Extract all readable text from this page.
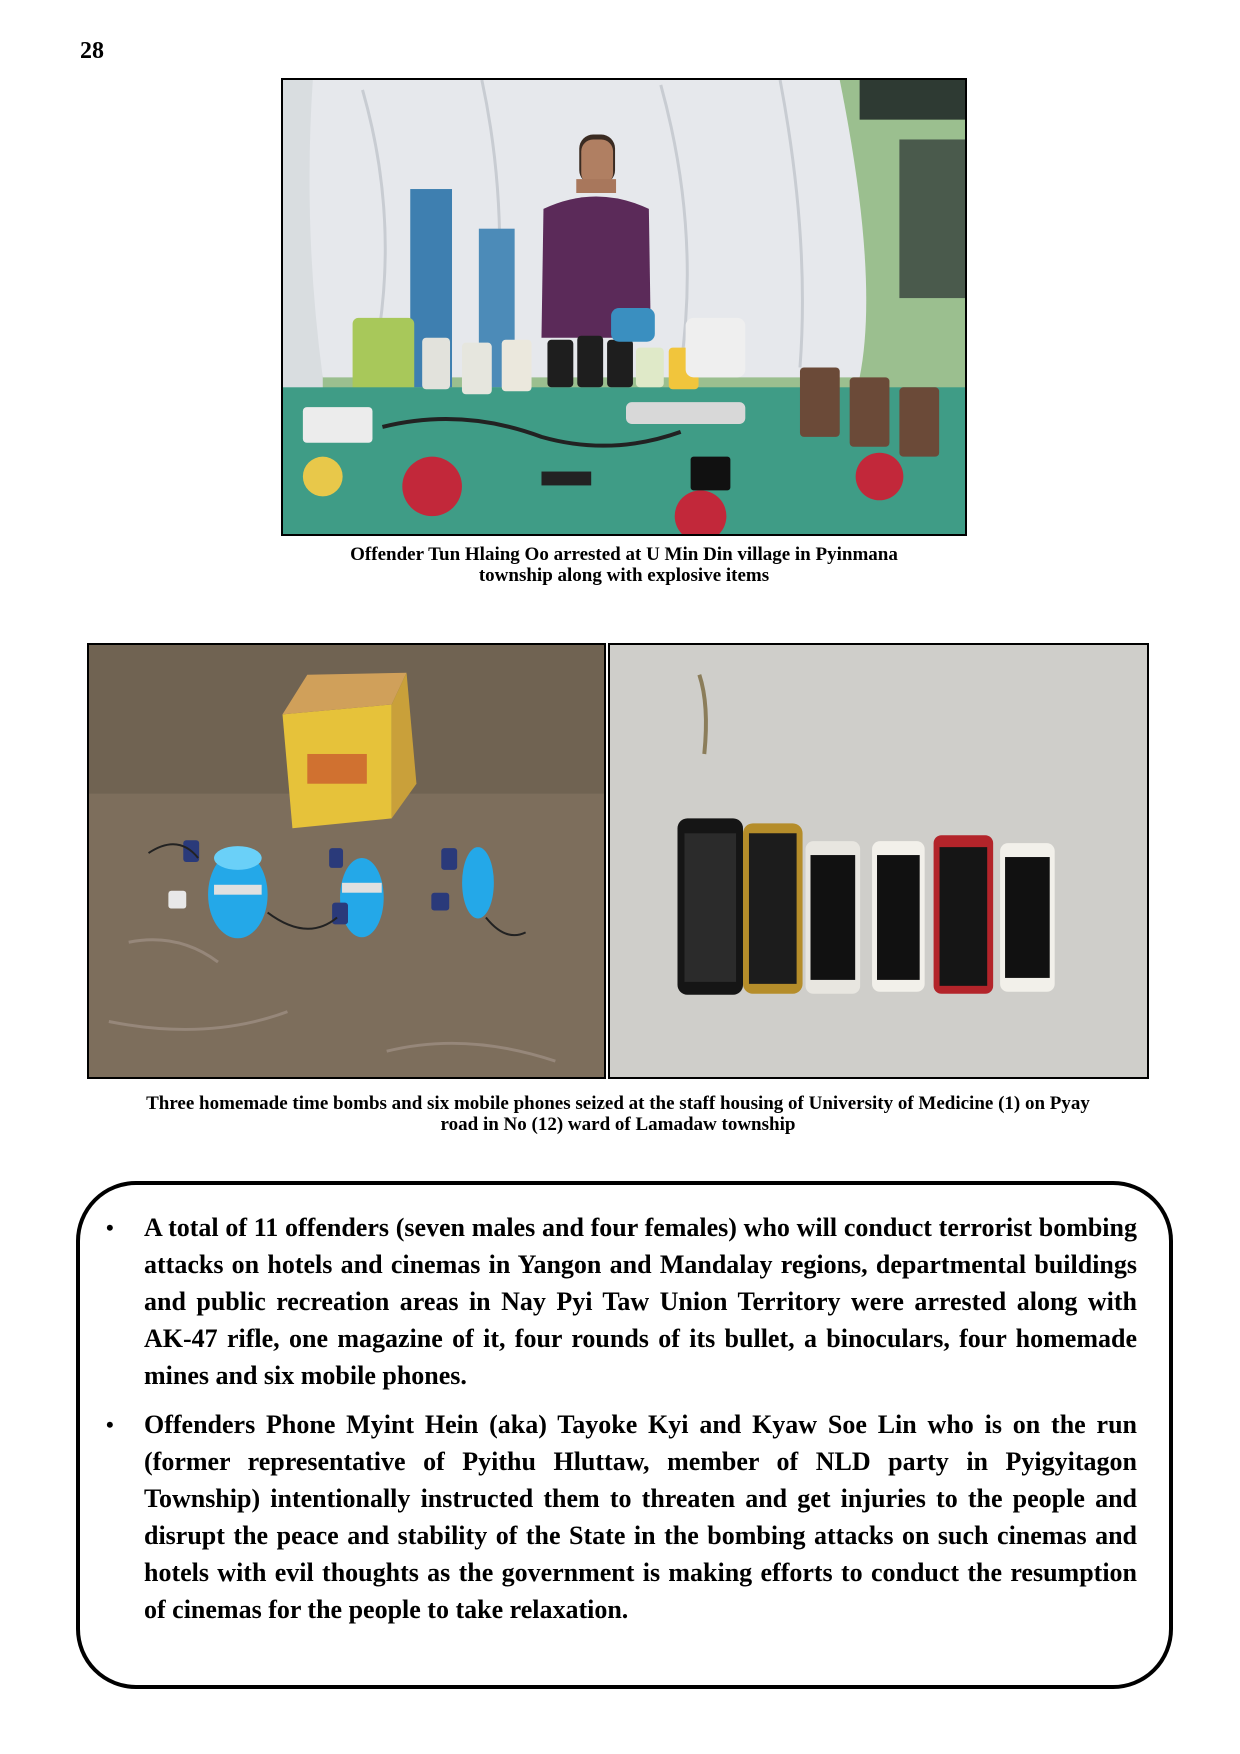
28
Offender Tun Hlaing Oo arrested at U Min Din village in Pyinmana
township along with explosive items
Three homemade time bombs and six mobile phones seized at the staff housing of University of Medicine (1) on Pyay
road in No (12) ward of Lamadaw township
• A total of 11 offenders (seven males and four females) who will conduct terrorist bombing attacks on hotels and cinemas in Yangon and Mandalay regions, departmental buildings and public recreation areas in Nay Pyi Taw Union Territory were arrested along with AK-47 rifle, one magazine of it, four rounds of its bullet, a binoculars, four homemade mines and six mobile phones.
• Offenders Phone Myint Hein (aka) Tayoke Kyi and Kyaw Soe Lin who is on the run (former representative of Pyithu Hluttaw, member of NLD party in Pyigyitagon Township) intentionally instructed them to threaten and get injuries to the people and disrupt the peace and stability of the State in the bombing attacks on such cinemas and hotels with evil thoughts as the government is making efforts to conduct the resumption of cinemas for the people to take relaxation.
